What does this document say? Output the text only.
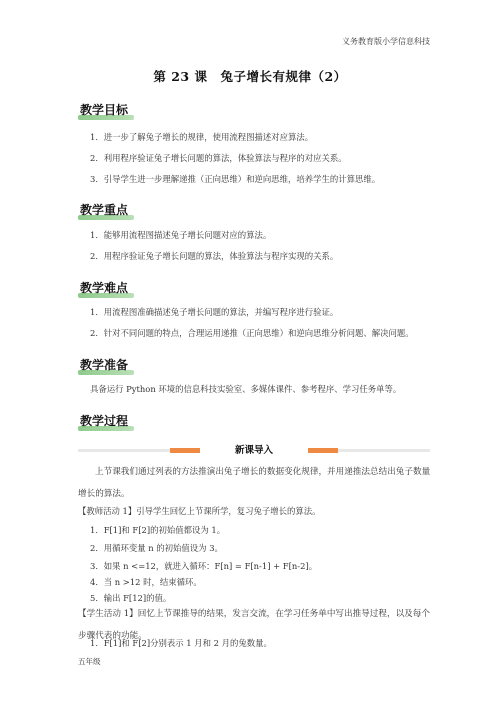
义务教育版小学信息科技
第 23 课　兔子增长有规律（2）
教学目标
1．进一步了解兔子增长的规律，使用流程图描述对应算法。
2．利用程序验证兔子增长问题的算法，体验算法与程序的对应关系。
3．引导学生进一步理解递推（正向思维）和逆向思维，培养学生的计算思维。
教学重点
1．能够用流程图描述兔子增长问题对应的算法。
2．用程序验证兔子增长问题的算法，体验算法与程序实现的关系。
教学难点
1．用流程图准确描述兔子增长问题的算法，并编写程序进行验证。
2．针对不同问题的特点，合理运用递推（正向思维）和逆向思维分析问题、解决问题。
教学准备
具备运行 Python 环境的信息科技实验室、多媒体课件、参考程序、学习任务单等。
教学过程
新课导入
上节课我们通过列表的方法推演出兔子增长的数据变化规律，并用递推法总结出兔子数量增长的算法。
【教师活动 1】引导学生回忆上节课所学，复习兔子增长的算法。
1．F[1]和 F[2]的初始值都设为 1。
2．用循环变量 n 的初始值设为 3。
3．如果 n <=12，就进入循环：F[n] = F[n-1] + F[n-2]。
4．当 n >12 时，结束循环。
5．输出 F[12]的值。
【学生活动 1】回忆上节课推导的结果，发言交流，在学习任务单中写出推导过程，以及每个步骤代表的功能。
1．F[1]和 F[2]分别表示 1 月和 2 月的兔数量。
五年级
